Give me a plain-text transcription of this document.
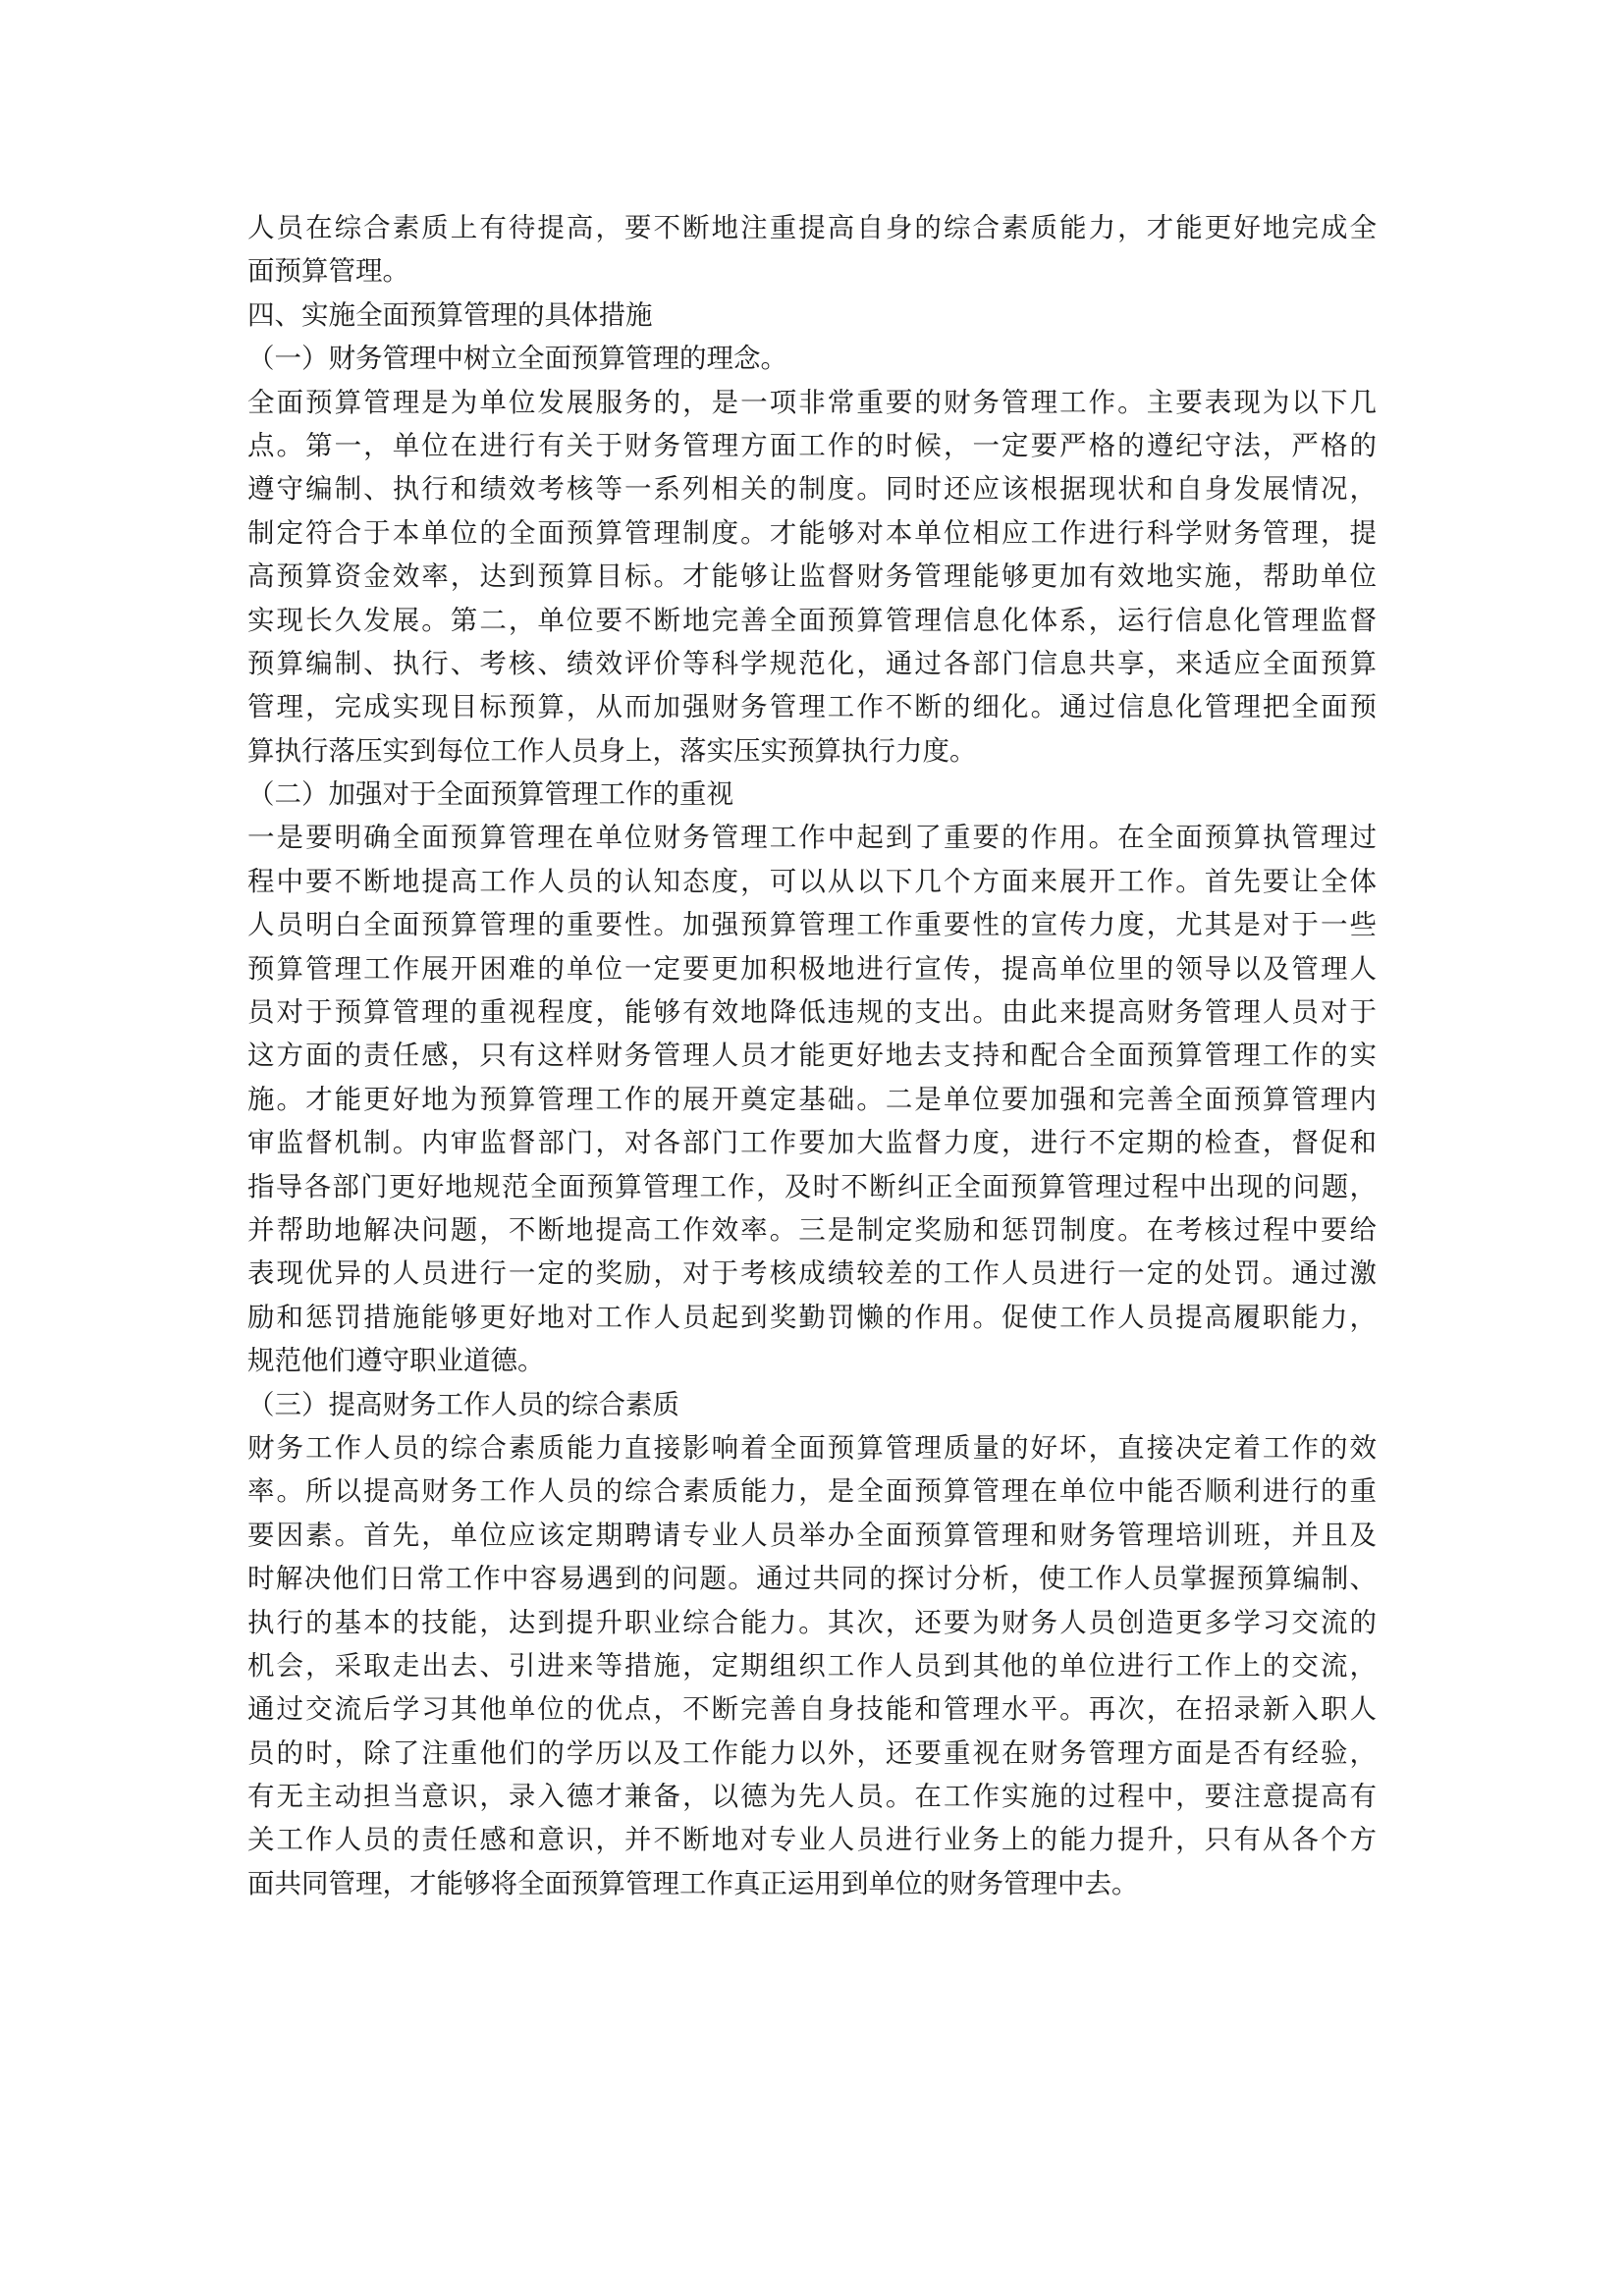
人员在综合素质上有待提高，要不断地注重提高自身的综合素质能力，才能更好地完成全
面预算管理。
四、实施全面预算管理的具体措施
（一）财务管理中树立全面预算管理的理念。
全面预算管理是为单位发展服务的，是一项非常重要的财务管理工作。主要表现为以下几
点。第一，单位在进行有关于财务管理方面工作的时候，一定要严格的遵纪守法，严格的
遵守编制、执行和绩效考核等一系列相关的制度。同时还应该根据现状和自身发展情况，
制定符合于本单位的全面预算管理制度。才能够对本单位相应工作进行科学财务管理，提
高预算资金效率，达到预算目标。才能够让监督财务管理能够更加有效地实施，帮助单位
实现长久发展。第二，单位要不断地完善全面预算管理信息化体系，运行信息化管理监督
预算编制、执行、考核、绩效评价等科学规范化，通过各部门信息共享，来适应全面预算
管理，完成实现目标预算，从而加强财务管理工作不断的细化。通过信息化管理把全面预
算执行落压实到每位工作人员身上，落实压实预算执行力度。
（二）加强对于全面预算管理工作的重视
一是要明确全面预算管理在单位财务管理工作中起到了重要的作用。在全面预算执管理过
程中要不断地提高工作人员的认知态度，可以从以下几个方面来展开工作。首先要让全体
人员明白全面预算管理的重要性。加强预算管理工作重要性的宣传力度，尤其是对于一些
预算管理工作展开困难的单位一定要更加积极地进行宣传，提高单位里的领导以及管理人
员对于预算管理的重视程度，能够有效地降低违规的支出。由此来提高财务管理人员对于
这方面的责任感，只有这样财务管理人员才能更好地去支持和配合全面预算管理工作的实
施。才能更好地为预算管理工作的展开奠定基础。二是单位要加强和完善全面预算管理内
审监督机制。内审监督部门，对各部门工作要加大监督力度，进行不定期的检查，督促和
指导各部门更好地规范全面预算管理工作，及时不断纠正全面预算管理过程中出现的问题，
并帮助地解决问题，不断地提高工作效率。三是制定奖励和惩罚制度。在考核过程中要给
表现优异的人员进行一定的奖励，对于考核成绩较差的工作人员进行一定的处罚。通过激
励和惩罚措施能够更好地对工作人员起到奖勤罚懒的作用。促使工作人员提高履职能力，
规范他们遵守职业道德。
（三）提高财务工作人员的综合素质
财务工作人员的综合素质能力直接影响着全面预算管理质量的好坏，直接决定着工作的效
率。所以提高财务工作人员的综合素质能力，是全面预算管理在单位中能否顺利进行的重
要因素。首先，单位应该定期聘请专业人员举办全面预算管理和财务管理培训班，并且及
时解决他们日常工作中容易遇到的问题。通过共同的探讨分析，使工作人员掌握预算编制、
执行的基本的技能，达到提升职业综合能力。其次，还要为财务人员创造更多学习交流的
机会，采取走出去、引进来等措施，定期组织工作人员到其他的单位进行工作上的交流，
通过交流后学习其他单位的优点，不断完善自身技能和管理水平。再次，在招录新入职人
员的时，除了注重他们的学历以及工作能力以外，还要重视在财务管理方面是否有经验，
有无主动担当意识，录入德才兼备，以德为先人员。在工作实施的过程中，要注意提高有
关工作人员的责任感和意识，并不断地对专业人员进行业务上的能力提升，只有从各个方
面共同管理，才能够将全面预算管理工作真正运用到单位的财务管理中去。
